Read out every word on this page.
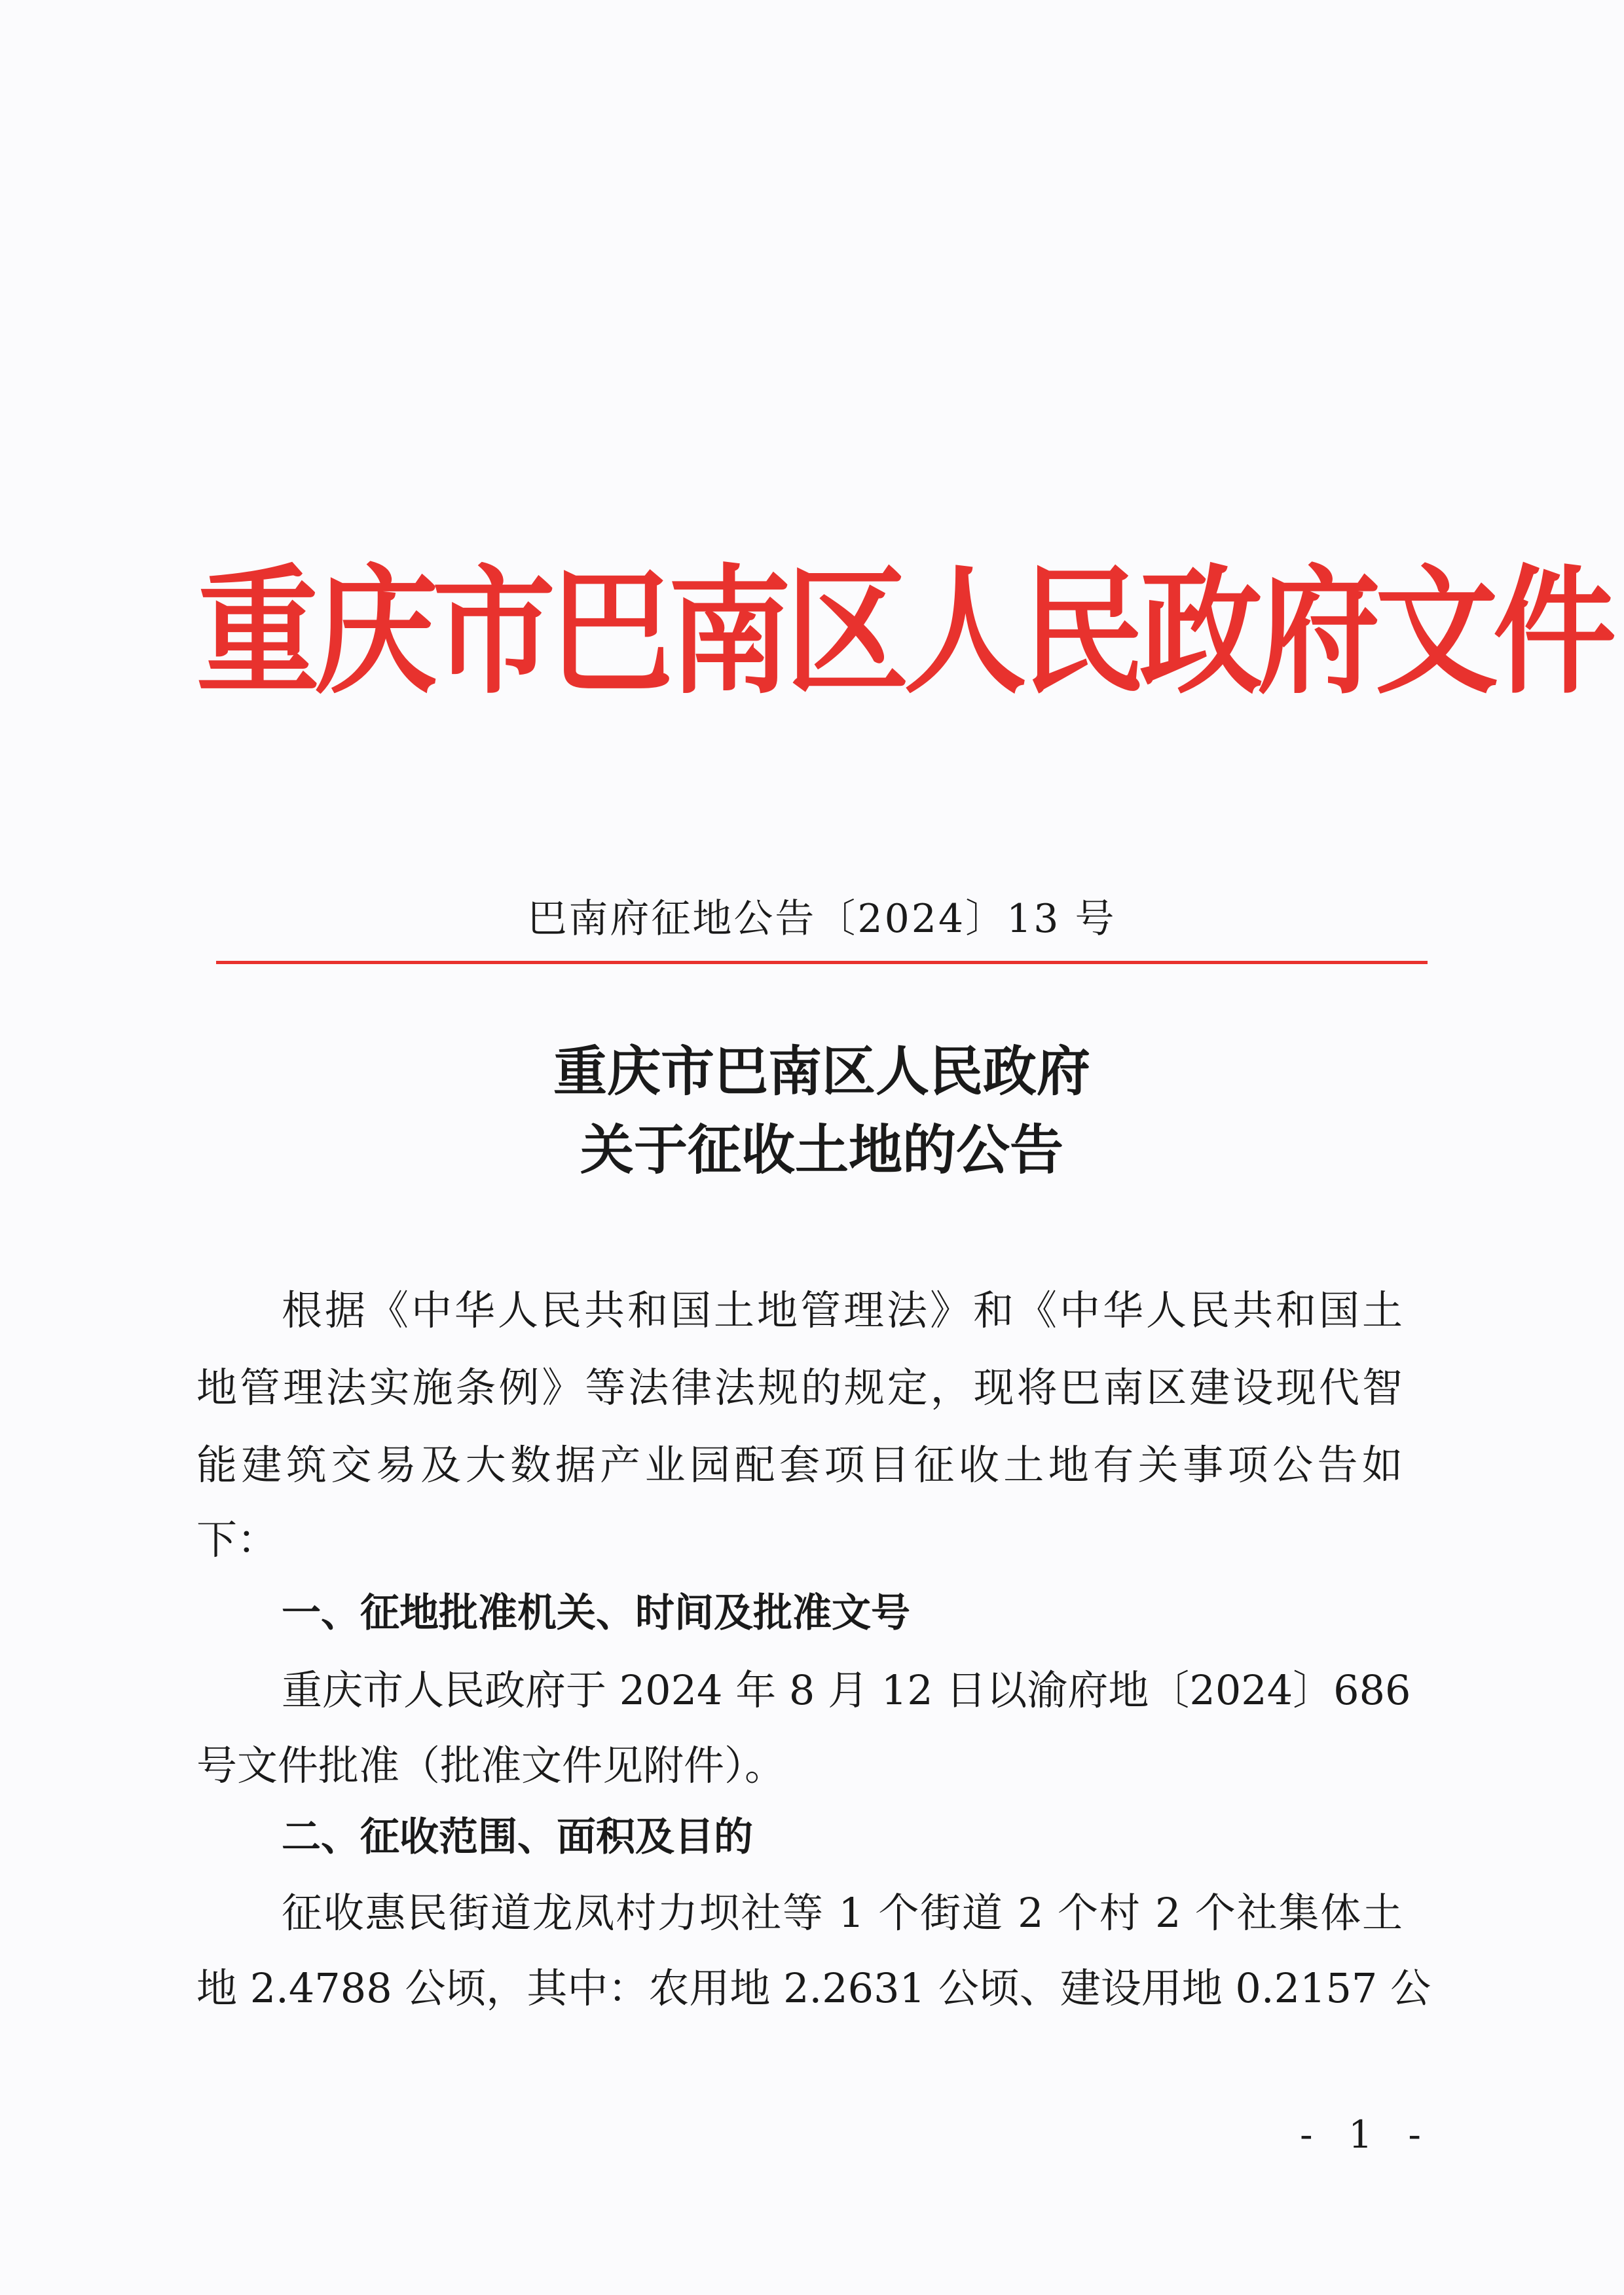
重庆市巴南区人民政府文件
巴南府征地公告〔2024〕13 号
重庆市巴南区人民政府
关于征收土地的公告
根据《中华人民共和国土地管理法》和《中华人民共和国土
地管理法实施条例》等法律法规的规定，现将巴南区建设现代智
能建筑交易及大数据产业园配套项目征收土地有关事项公告如
下：
一、征地批准机关、时间及批准文号
重庆市人民政府于 2024 年 8 月 12 日以渝府地〔2024〕686
号文件批准（批准文件见附件）。
二、征收范围、面积及目的
征收惠民街道龙凤村力坝社等 1 个街道 2 个村 2 个社集体土
地 2.4788 公顷，其中：农用地 2.2631 公顷、建设用地 0.2157 公
- 1 -
